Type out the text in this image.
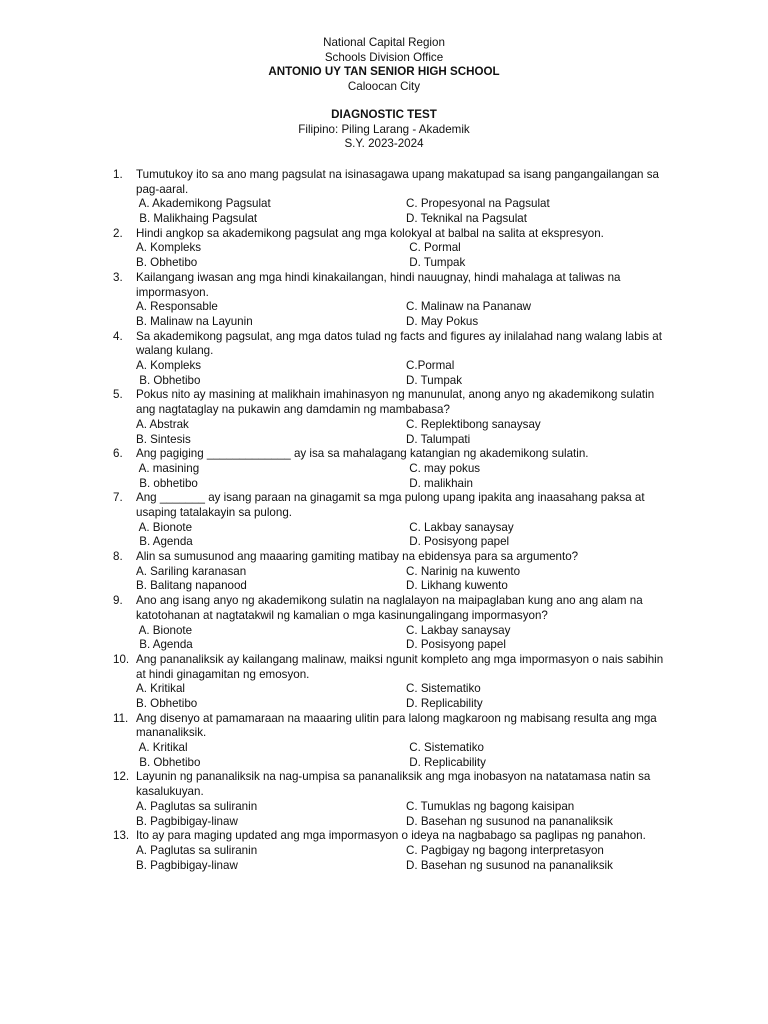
National Capital Region
Schools Division Office
ANTONIO UY TAN SENIOR HIGH SCHOOL
Caloocan City
DIAGNOSTIC TEST
Filipino: Piling Larang - Akademik
S.Y. 2023-2024
1.	Tumutukoy ito sa ano mang pagsulat na isinasagawa upang makatupad sa isang pangangailangan sa pag-aaral.
A. Akademikong Pagsulat	C. Propesyonal na Pagsulat
B. Malikhaing Pagsulat	D. Teknikal na Pagsulat
2.	Hindi angkop sa akademikong pagsulat ang mga kolokyal at balbal na salita at ekspresyon.
A. Kompleks	C. Pormal
B. Obhetibo	D. Tumpak
3.	Kailangang iwasan ang mga hindi kinakailangan, hindi nauugnay, hindi mahalaga at taliwas na impormasyon.
A. Responsable	C. Malinaw na Pananaw
B. Malinaw na Layunin	D. May Pokus
4.	Sa akademikong pagsulat, ang mga datos tulad ng facts and figures ay inilalahad nang walang labis at walang kulang.
A. Kompleks	C.Pormal
B. Obhetibo	D. Tumpak
5.	Pokus nito ay masining at malikhain imahinasyon ng manunulat, anong anyo ng akademikong sulatin ang nagtataglay na pukawin ang damdamin ng mambabasa?
A. Abstrak	C. Replektibong sanaysay
B. Sintesis	D. Talumpati
6.	Ang pagiging _____________ ay isa sa mahalagang katangian ng akademikong sulatin.
A. masining	C. may pokus
B. obhetibo	D. malikhain
7.	Ang _______ ay isang paraan na ginagamit sa mga pulong upang ipakita ang inaasahang paksa at usaping tatalakayin sa pulong.
A. Bionote	C. Lakbay sanaysay
B. Agenda	D. Posisyong papel
8.	Alin sa sumusunod ang maaaring gamiting matibay na ebidensya para sa argumento?
A. Sariling karanasan	C. Narinig na kuwento
B. Balitang napanood	D. Likhang kuwento
9.	Ano ang isang anyo ng akademikong sulatin na naglalayon na maipaglaban kung ano ang alam na katotohanan at nagtatakwil ng kamalian o mga kasinungalingang impormasyon?
A. Bionote	C. Lakbay sanaysay
B. Agenda	D. Posisyong papel
10. Ang pananaliksik ay kailangang malinaw, maiksi ngunit kompleto ang mga impormasyon o nais sabihin at hindi ginagamitan ng emosyon.
A. Kritikal	C. Sistematiko
B. Obhetibo	D. Replicability
11. Ang disenyo at pamamaraan na maaaring ulitin para lalong magkaroon ng mabisang resulta ang mga mananaliksik.
A. Kritikal	C. Sistematiko
B. Obhetibo	D. Replicability
12. Layunin ng pananaliksik na nag-umpisa sa pananaliksik ang mga inobasyon na natatamasa natin sa kasalukuyan.
A. Paglutas sa suliranin	C. Tumuklas ng bagong kaisipan
B. Pagbibigay-linaw	D. Basehan ng susunod na pananaliksik
13. Ito ay para maging updated ang mga impormasyon o ideya na nagbabago sa paglipas ng panahon.
A. Paglutas sa suliranin	C. Pagbigay ng bagong interpretasyon
B. Pagbibigay-linaw	D. Basehan ng susunod na pananaliksik
